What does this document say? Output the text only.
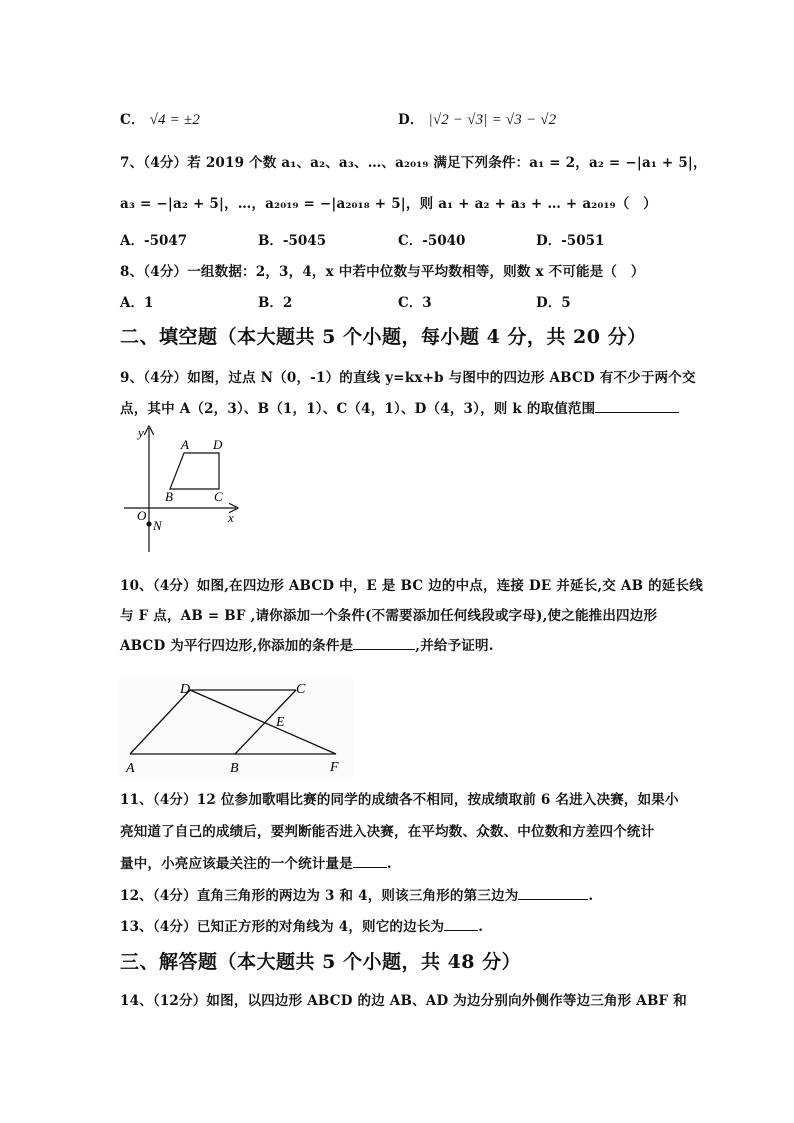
C． √4 = ±2	D． |√2 − √3| = √3 − √2
7、（4分）若 2019 个数 a₁、a₂、a₃、…、a₂₀₁₉ 满足下列条件：a₁ = 2，a₂ = −|a₁ + 5|，
a₃ = −|a₂ + 5|，…，a₂₀₁₉ = −|a₂₀₁₈ + 5|，则 a₁ + a₂ + a₃ + … + a₂₀₁₉（　）
A．-5047	B．-5045	C．-5040	D．-5051
8、（4分）一组数据：2，3，4，x 中若中位数与平均数相等，则数 x 不可能是（　）
A．1	B．2	C．3	D．5
二、填空题（本大题共 5 个小题，每小题 4 分，共 20 分）
9、（4分）如图，过点 N（0，-1）的直线 y=kx+b 与图中的四边形 ABCD 有不少于两个交
点，其中 A（2，3）、B（1，1）、C（4，1）、D（4，3），则 k 的取值范围
y
x
O
N
A
B	C
D
10、（4分）如图,在四边形 ABCD 中，E 是 BC 边的中点，连接 DE 并延长,交 AB 的延长线
与 F 点，AB = BF ,请你添加一个条件(不需要添加任何线段或字母),使之能推出四边形
ABCD 为平行四边形,你添加的条件是	,并给予证明.
D	C
E
A	B	F
11、（4分）12 位参加歌唱比赛的同学的成绩各不相同，按成绩取前 6 名进入决赛，如果小
亮知道了自己的成绩后，要判断能否进入决赛，在平均数、众数、中位数和方差四个统计
量中，小亮应该最关注的一个统计量是	.
12、（4分）直角三角形的两边为 3 和 4，则该三角形的第三边为	.
13、（4分）已知正方形的对角线为 4，则它的边长为	.
三、解答题（本大题共 5 个小题，共 48 分）
14、（12分）如图，以四边形 ABCD 的边 AB、AD 为边分别向外侧作等边三角形 ABF 和
